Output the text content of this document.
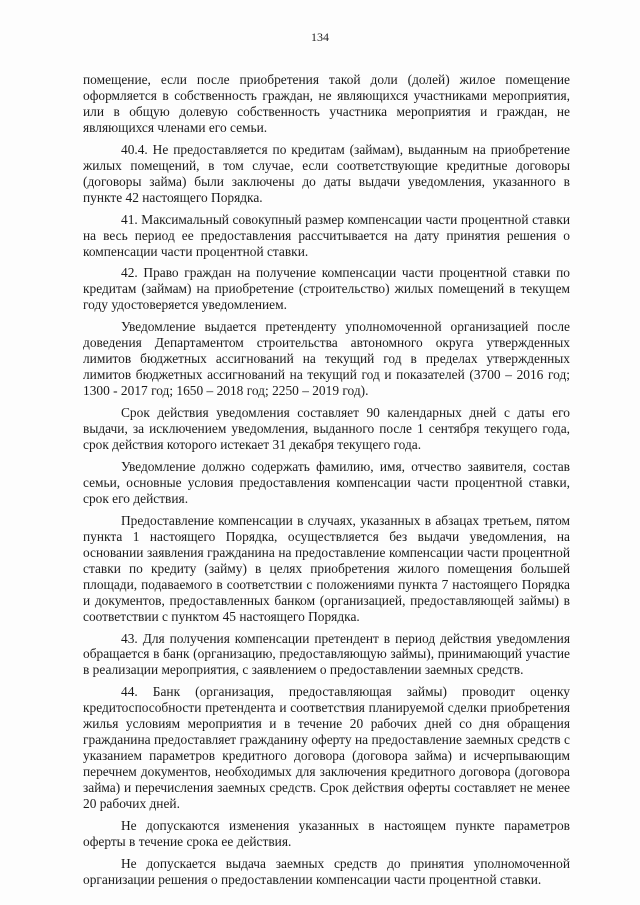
134

помещение, если после приобретения такой доли (долей) жилое помещение оформляется в собственность граждан, не являющихся участниками мероприятия, или в общую долевую собственность участника мероприятия и граждан, не являющихся членами его семьи.

40.4. Не предоставляется по кредитам (займам), выданным на приобретение жилых помещений, в том случае, если соответствующие кредитные договоры (договоры займа) были заключены до даты выдачи уведомления, указанного в пункте 42 настоящего Порядка.

41. Максимальный совокупный размер компенсации части процентной ставки на весь период ее предоставления рассчитывается на дату принятия решения о компенсации части процентной ставки.

42. Право граждан на получение компенсации части процентной ставки по кредитам (займам) на приобретение (строительство) жилых помещений в текущем году удостоверяется уведомлением.

Уведомление выдается претенденту уполномоченной организацией после доведения Департаментом строительства автономного округа утвержденных лимитов бюджетных ассигнований на текущий год в пределах утвержденных лимитов бюджетных ассигнований на текущий год и показателей (3700 – 2016 год; 1300 - 2017 год; 1650 – 2018 год; 2250 – 2019 год).

Срок действия уведомления составляет 90 календарных дней с даты его выдачи, за исключением уведомления, выданного после 1 сентября текущего года, срок действия которого истекает 31 декабря текущего года.

Уведомление должно содержать фамилию, имя, отчество заявителя, состав семьи, основные условия предоставления компенсации части процентной ставки, срок его действия.

Предоставление компенсации в случаях, указанных в абзацах третьем, пятом пункта 1 настоящего Порядка, осуществляется без выдачи уведомления, на основании заявления гражданина на предоставление компенсации части процентной ставки по кредиту (займу) в целях приобретения жилого помещения большей площади, подаваемого в соответствии с положениями пункта 7 настоящего Порядка и документов, предоставленных банком (организацией, предоставляющей займы) в соответствии с пунктом 45 настоящего Порядка.

43. Для получения компенсации претендент в период действия уведомления обращается в банк (организацию, предоставляющую займы), принимающий участие в реализации мероприятия, с заявлением о предоставлении заемных средств.

44. Банк (организация, предоставляющая займы) проводит оценку кредитоспособности претендента и соответствия планируемой сделки приобретения жилья условиям мероприятия и в течение 20 рабочих дней со дня обращения гражданина предоставляет гражданину оферту на предоставление заемных средств с указанием параметров кредитного договора (договора займа) и исчерпывающим перечнем документов, необходимых для заключения кредитного договора (договора займа) и перечисления заемных средств. Срок действия оферты составляет не менее 20 рабочих дней.

Не допускаются изменения указанных в настоящем пункте параметров оферты в течение срока ее действия.

Не допускается выдача заемных средств до принятия уполномоченной организации решения о предоставлении компенсации части процентной ставки.
